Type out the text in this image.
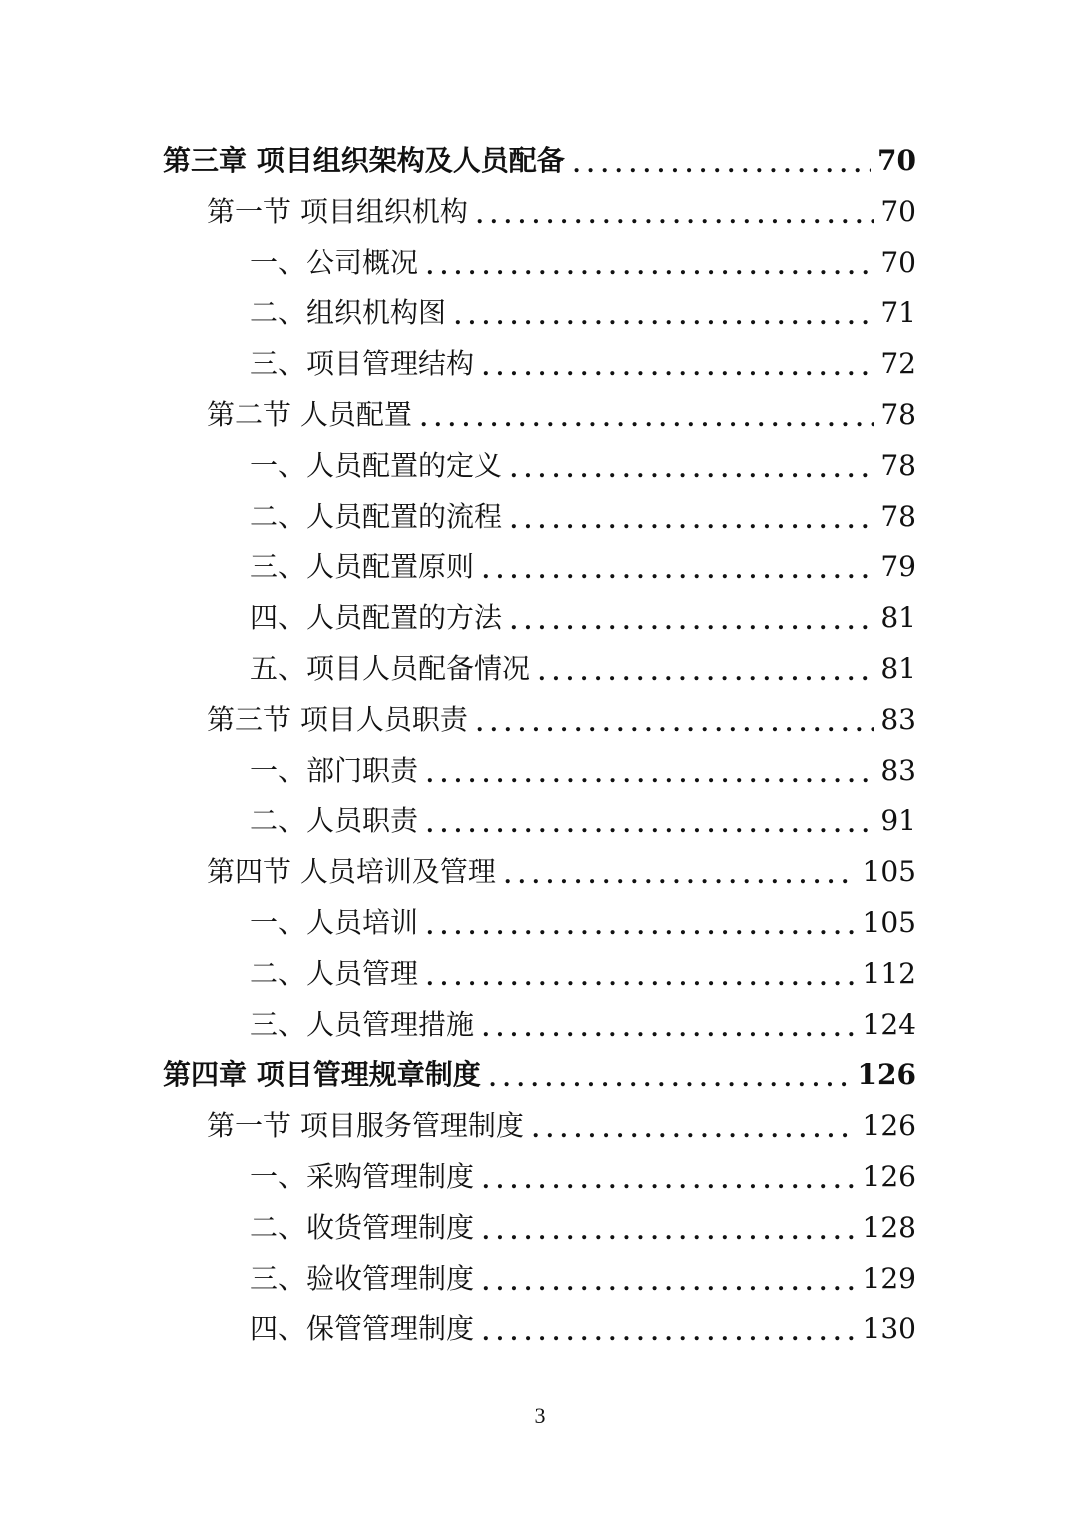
第三章 项目组织架构及人员配备 .....	70
第一节 项目组织机构 .....	70
一、公司概况 .....	70
二、组织机构图 .....	71
三、项目管理结构 .....	72
第二节 人员配置 .....	78
一、人员配置的定义 .....	78
二、人员配置的流程 .....	78
三、人员配置原则 .....	79
四、人员配置的方法 .....	81
五、项目人员配备情况 .....	81
第三节 项目人员职责 .....	83
一、部门职责 .....	83
二、人员职责 .....	91
第四节 人员培训及管理 .....	105
一、人员培训 .....	105
二、人员管理 .....	112
三、人员管理措施 .....	124
第四章 项目管理规章制度 .....	126
第一节 项目服务管理制度 .....	126
一、采购管理制度 .....	126
二、收货管理制度 .....	128
三、验收管理制度 .....	129
四、保管管理制度 .....	130
3
